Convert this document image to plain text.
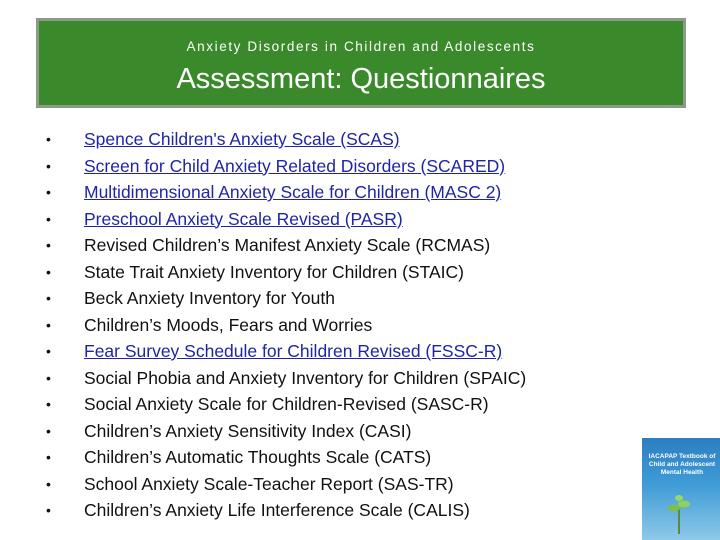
Anxiety Disorders in Children and Adolescents
Assessment: Questionnaires
• Spence Children's Anxiety Scale (SCAS)
• Screen for Child Anxiety Related Disorders (SCARED)
• Multidimensional Anxiety Scale for Children (MASC 2)
• Preschool Anxiety Scale Revised (PASR)
• Revised Children’s Manifest Anxiety Scale (RCMAS)
• State Trait Anxiety Inventory for Children (STAIC)
• Beck Anxiety Inventory for Youth
• Children’s Moods, Fears and Worries
• Fear Survey Schedule for Children Revised (FSSC-R)
• Social Phobia and Anxiety Inventory for Children (SPAIC)
• Social Anxiety Scale for Children-Revised (SASC-R)
• Children’s Anxiety Sensitivity Index (CASI)
• Children’s Automatic Thoughts Scale (CATS)
• School Anxiety Scale-Teacher Report (SAS-TR)
• Children’s Anxiety Life Interference Scale (CALIS)
IACAPAP Textbook of Child and Adolescent Mental Health
